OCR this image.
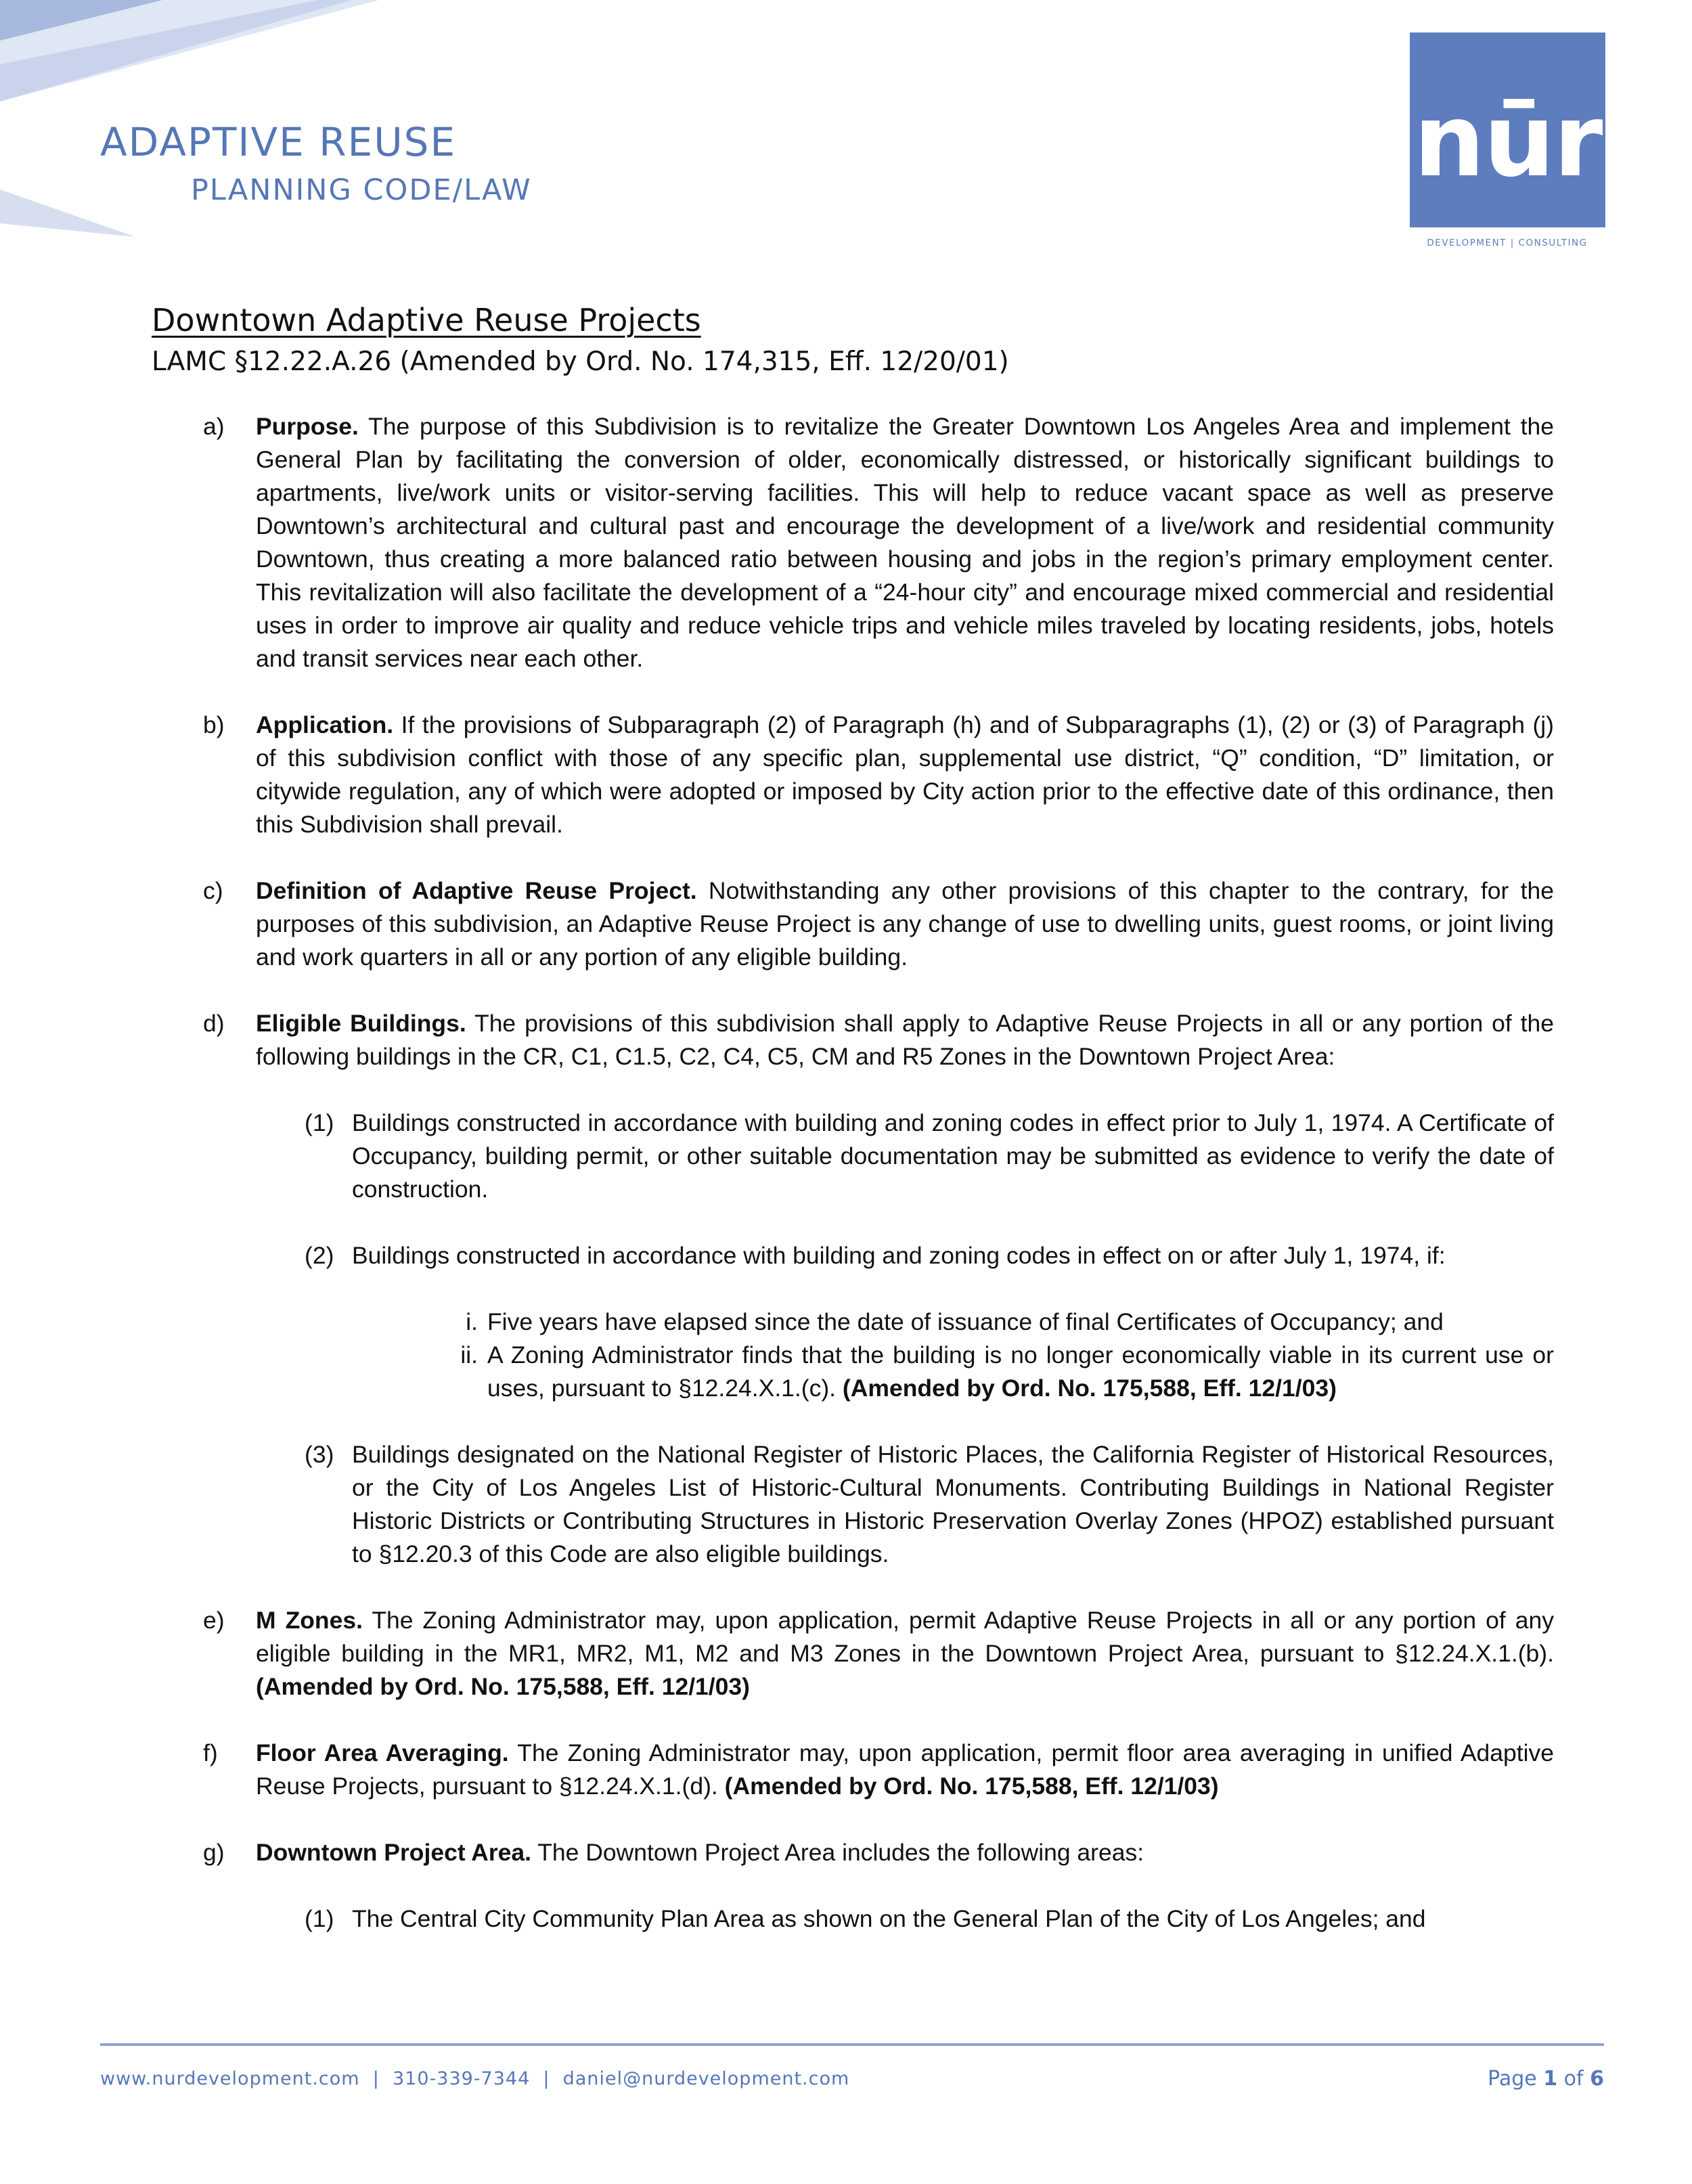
ADAPTIVE REUSE
PLANNING CODE/LAW	nūr
DEVELOPMENT | CONSULTING
Downtown Adaptive Reuse Projects
LAMC §12.22.A.26 (Amended by Ord. No. 174,315, Eff. 12/20/01)

a) Purpose. The purpose of this Subdivision is to revitalize the Greater Downtown Los Angeles Area and implement the General Plan by facilitating the conversion of older, economically distressed, or historically significant buildings to apartments, live/work units or visitor-serving facilities. This will help to reduce vacant space as well as preserve Downtown’s architectural and cultural past and encourage the development of a live/work and residential community Downtown, thus creating a more balanced ratio between housing and jobs in the region’s primary employment center. This revitalization will also facilitate the development of a “24-hour city” and encourage mixed commercial and residential uses in order to improve air quality and reduce vehicle trips and vehicle miles traveled by locating residents, jobs, hotels and transit services near each other.

b) Application. If the provisions of Subparagraph (2) of Paragraph (h) and of Subparagraphs (1), (2) or (3) of Paragraph (j) of this subdivision conflict with those of any specific plan, supplemental use district, “Q” condition, “D” limitation, or citywide regulation, any of which were adopted or imposed by City action prior to the effective date of this ordinance, then this Subdivision shall prevail.

c) Definition of Adaptive Reuse Project. Notwithstanding any other provisions of this chapter to the contrary, for the purposes of this subdivision, an Adaptive Reuse Project is any change of use to dwelling units, guest rooms, or joint living and work quarters in all or any portion of any eligible building.

d) Eligible Buildings. The provisions of this subdivision shall apply to Adaptive Reuse Projects in all or any portion of the following buildings in the CR, C1, C1.5, C2, C4, C5, CM and R5 Zones in the Downtown Project Area:

(1) Buildings constructed in accordance with building and zoning codes in effect prior to July 1, 1974. A Certificate of Occupancy, building permit, or other suitable documentation may be submitted as evidence to verify the date of construction.

(2) Buildings constructed in accordance with building and zoning codes in effect on or after July 1, 1974, if:

i. Five years have elapsed since the date of issuance of final Certificates of Occupancy; and

ii. A Zoning Administrator finds that the building is no longer economically viable in its current use or uses, pursuant to §12.24.X.1.(c). (Amended by Ord. No. 175,588, Eff. 12/1/03)

(3) Buildings designated on the National Register of Historic Places, the California Register of Historical Resources, or the City of Los Angeles List of Historic-Cultural Monuments. Contributing Buildings in National Register Historic Districts or Contributing Structures in Historic Preservation Overlay Zones (HPOZ) established pursuant to §12.20.3 of this Code are also eligible buildings.

e) M Zones. The Zoning Administrator may, upon application, permit Adaptive Reuse Projects in all or any portion of any eligible building in the MR1, MR2, M1, M2 and M3 Zones in the Downtown Project Area, pursuant to §12.24.X.1.(b). (Amended by Ord. No. 175,588, Eff. 12/1/03)

f) Floor Area Averaging. The Zoning Administrator may, upon application, permit floor area averaging in unified Adaptive Reuse Projects, pursuant to §12.24.X.1.(d). (Amended by Ord. No. 175,588, Eff. 12/1/03)

g) Downtown Project Area. The Downtown Project Area includes the following areas:

(1) The Central City Community Plan Area as shown on the General Plan of the City of Los Angeles; and

www.nurdevelopment.com  |  310-339-7344  |  daniel@nurdevelopment.com	Page 1 of 6
